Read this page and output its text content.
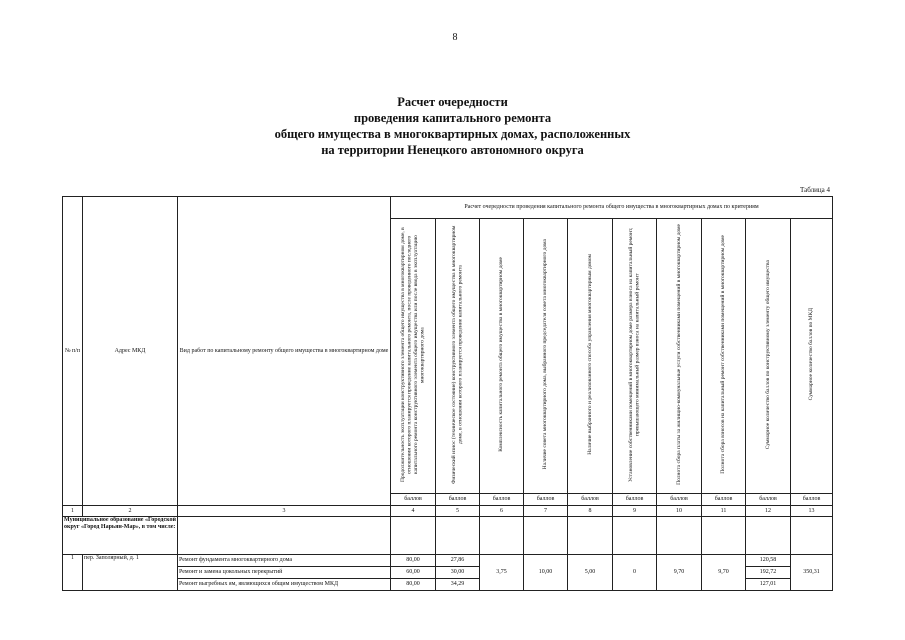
8
Расчет очередности
проведения капитального ремонта
общего имущества в многоквартирных домах, расположенных
на территории Ненецкого автономного округа
Таблица 4
№ п/п	Адрес МКД	Вид работ по капитальному ремонту общего имущества в многоквартирном доме	Расчет очередности проведения капитального ремонта общего имущества в многоквартирных домах по критериям									
			Продолжительность эксплуатации конструктивного элемента общего имущества в многоквартирном доме, в отношении которого планируется проведение капитального ремонта, после проведенного последнего капитального ремонта конструктивного элемента общего имущества или после ввода в эксплуатацию многоквартирного дома	Физический износ (техническое состояние) конструктивного элемента общего имущества в многоквартирном доме, в отношении которого планируется проведение капитального ремонта	Комплексность капитального ремонта общего имущества в многоквартирном доме	Наличие совета многоквартирного дома, выбранного председателя совета многоквартирного дома	Наличие выбранного и реализованного способа управления многоквартирным домом	Установление собственниками помещений в многоквартирном доме размера взноса на капитальный ремонт, превышающего минимальный размер взноса на капитальный ремонт	Полнота сбора платы за жилищно-коммунальные услуги собственниками помещений в многоквартирном доме	Полнота сбора взносов на капитальный ремонт собственниками помещений в многоквартирном доме	Суммарное количество баллов по конструктивному элементу общего имущества	Суммарное количество баллов по МКД
			баллов	баллов	баллов	баллов	баллов	баллов	баллов	баллов	баллов	баллов
1	2	3	4	5	6	7	8	9	10	11	12	13
Муниципальное образование «Городской округ «Город Нарьян-Мар», в том числе:												
1	пер. Заполярный, д. 1	Ремонт фундамента многоквартирного дома	80,00	27,86	3,75	10,00	5,00	0	9,70	9,70	120,58	350,31
		Ремонт и замена цокольных перекрытий	60,00	30,00							192,72	
		Ремонт выгребных ям, являющихся общим имуществом МКД	80,00	34,29							127,01	
